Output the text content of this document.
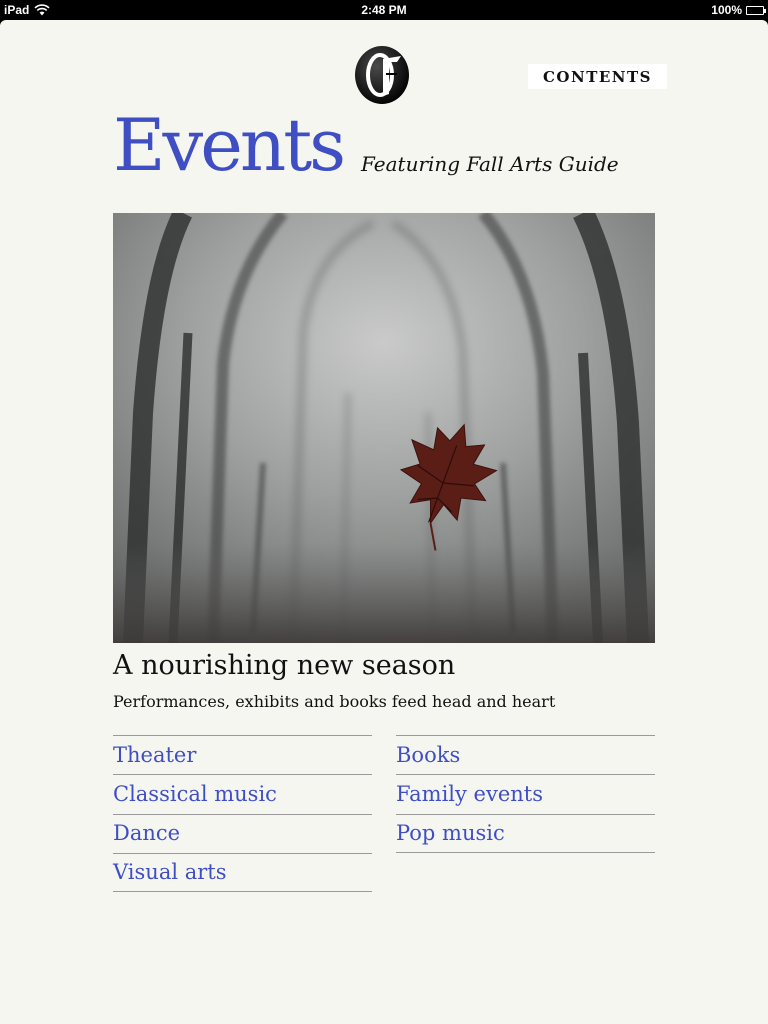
iPad	2:48 PM	100%
CONTENTS
Events Featuring Fall Arts Guide
A nourishing new season
Performances, exhibits and books feed head and heart
Theater
Classical music
Dance
Visual arts
Books
Family events
Pop music
